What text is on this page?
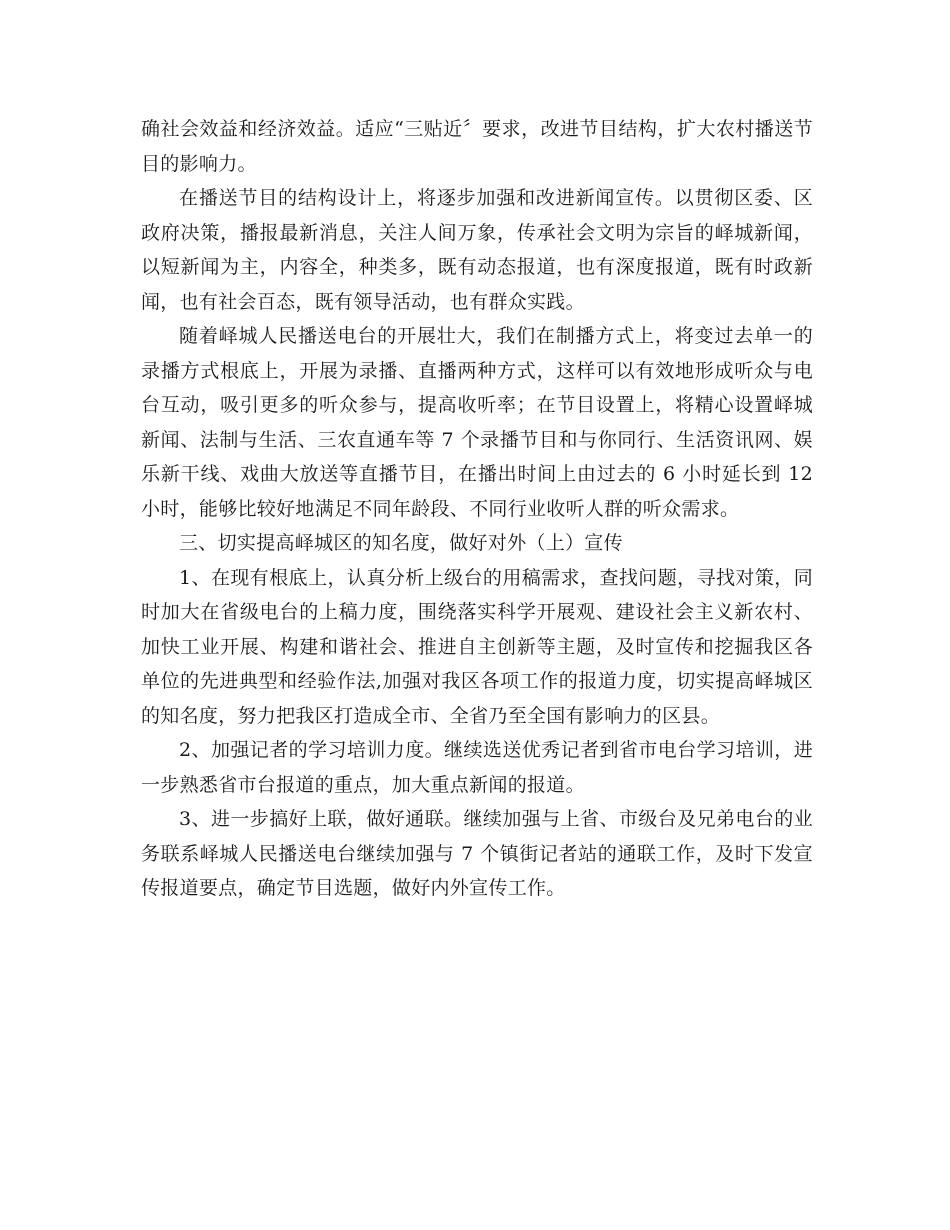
确社会效益和经济效益。适应“三贴近〞要求，改进节目结构，扩大农村播送节目的影响力。

在播送节目的结构设计上，将逐步加强和改进新闻宣传。以贯彻区委、区政府决策，播报最新消息，关注人间万象，传承社会文明为宗旨的峄城新闻，以短新闻为主，内容全，种类多，既有动态报道，也有深度报道，既有时政新闻，也有社会百态，既有领导活动，也有群众实践。

随着峄城人民播送电台的开展壮大，我们在制播方式上，将变过去单一的录播方式根底上，开展为录播、直播两种方式，这样可以有效地形成听众与电台互动，吸引更多的听众参与，提高收听率；在节目设置上，将精心设置峄城新闻、法制与生活、三农直通车等 7 个录播节目和与你同行、生活资讯网、娱乐新干线、戏曲大放送等直播节目，在播出时间上由过去的 6 小时延长到 12 小时，能够比较好地满足不同年龄段、不同行业收听人群的听众需求。

三、切实提高峄城区的知名度，做好对外（上）宣传

1、在现有根底上，认真分析上级台的用稿需求，查找问题，寻找对策，同时加大在省级电台的上稿力度，围绕落实科学开展观、建设社会主义新农村、加快工业开展、构建和谐社会、推进自主创新等主题，及时宣传和挖掘我区各单位的先进典型和经验作法,加强对我区各项工作的报道力度，切实提高峄城区的知名度，努力把我区打造成全市、全省乃至全国有影响力的区县。

2、加强记者的学习培训力度。继续选送优秀记者到省市电台学习培训，进一步熟悉省市台报道的重点，加大重点新闻的报道。

3、进一步搞好上联，做好通联。继续加强与上省、市级台及兄弟电台的业务联系峄城人民播送电台继续加强与 7 个镇街记者站的通联工作，及时下发宣传报道要点，确定节目选题，做好内外宣传工作。
